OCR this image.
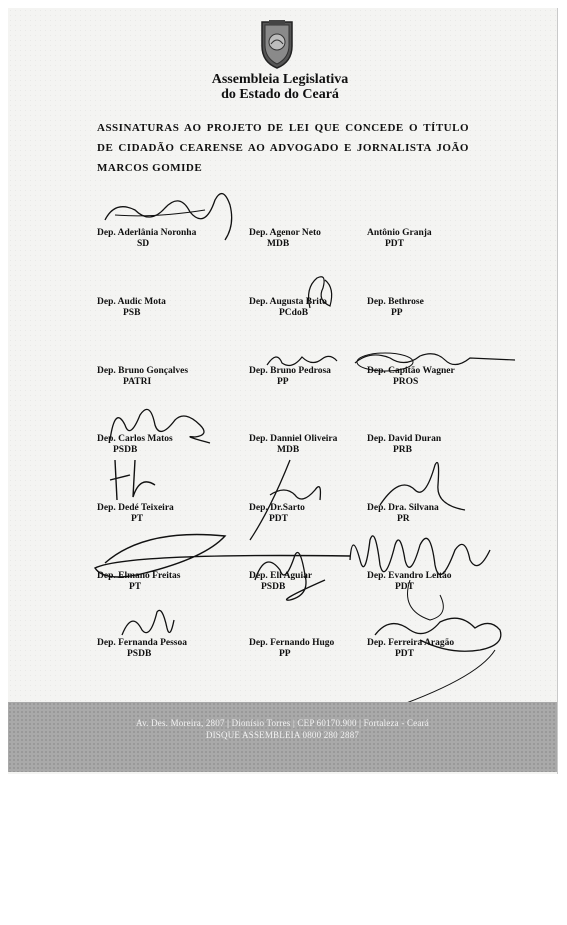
Assembleia Legislativa
do Estado do Ceará
ASSINATURAS AO PROJETO DE LEI QUE CONCEDE O TÍTULO DE CIDADÃO CEARENSE AO ADVOGADO E JORNALISTA JOÃO MARCOS GOMIDE
Dep. Aderlânia Noronha
SD
Dep. Agenor Neto
MDB
Antônio Granja
PDT
Dep. Audic Mota
PSB
Dep. Augusta Brito
PCdoB
Dep. Bethrose
PP
Dep. Bruno Gonçalves
PATRI
Dep. Bruno Pedrosa
PP
Dep. Capitão Wagner
PROS
Dep. Carlos Matos
PSDB
Dep. Danniel Oliveira
MDB
Dep. David Duran
PRB
Dep. Dedé Teixeira
PT
Dep. Dr.Sarto
PDT
Dep. Dra. Silvana
PR
Dep. Elmano Freitas
PT
Dep. Eli Aguiar
PSDB
Dep. Evandro Leitão
PDT
Dep. Fernanda Pessoa
PSDB
Dep. Fernando Hugo
PP
Dep. Ferreira Aragão
PDT
Av. Des. Moreira, 2807 | Dionísio Torres | CEP 60170.900 | Fortaleza - Ceará
DISQUE ASSEMBLEIA 0800 280 2887
